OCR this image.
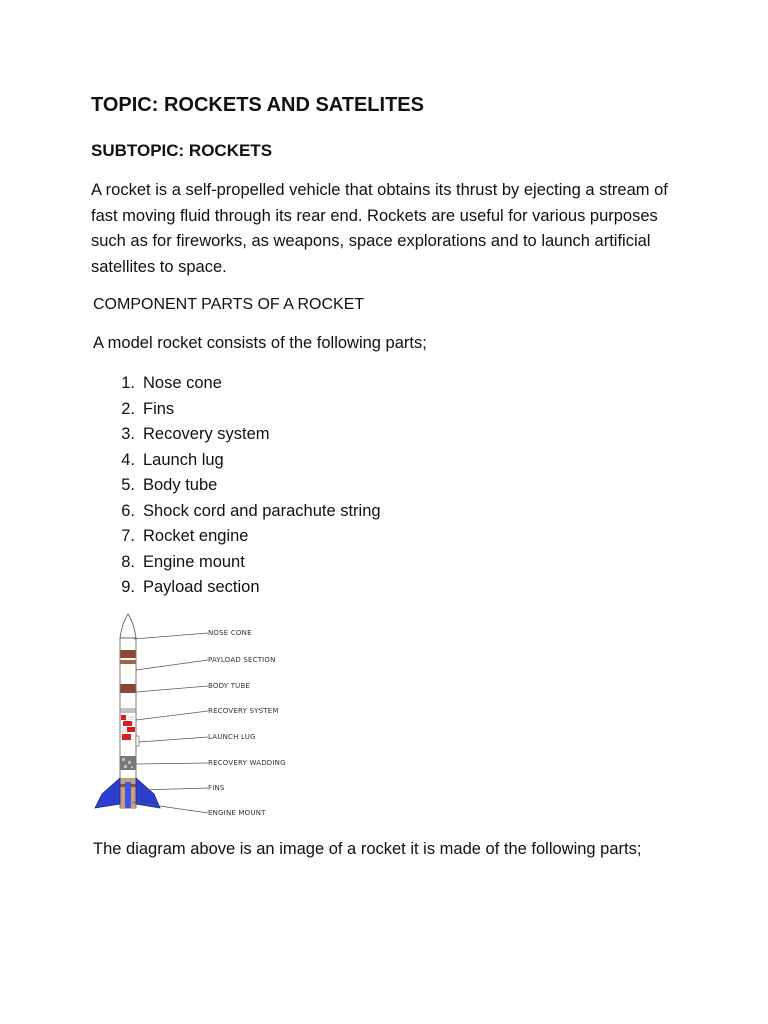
TOPIC: ROCKETS AND SATELITES
SUBTOPIC: ROCKETS

A rocket is a self-propelled vehicle that obtains its thrust by ejecting a stream of fast moving fluid through its rear end. Rockets are useful for various purposes such as for fireworks, as weapons, space explorations and to launch artificial satellites to space.

COMPONENT PARTS OF A ROCKET

A model rocket consists of the following parts;

1. Nose cone
2. Fins
3. Recovery system
4. Launch lug
5. Body tube
6. Shock cord and parachute string
7. Rocket engine
8. Engine mount
9. Payload section
NOSE CONE
PAYLOAD SECTION
BODY TUBE
RECOVERY SYSTEM
LAUNCH LUG
RECOVERY WADDING
FINS
ENGINE MOUNT

The diagram above is an image of a rocket it is made of the following parts;
